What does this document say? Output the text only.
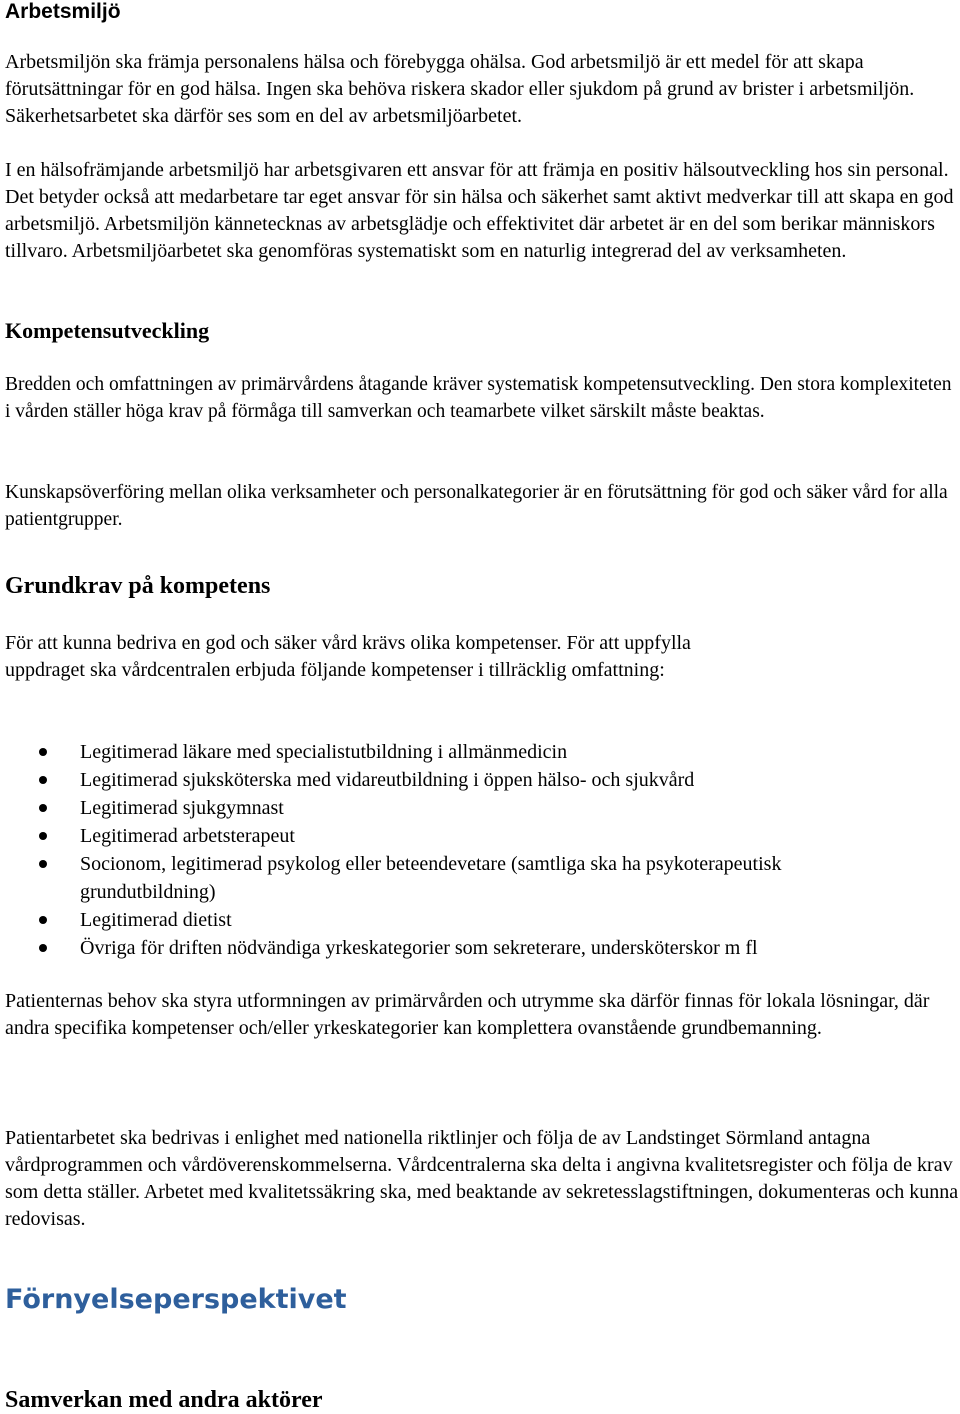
Arbetsmiljö

Arbetsmiljön ska främja personalens hälsa och förebygga ohälsa. God arbetsmiljö är ett medel för att skapa förutsättningar för en god hälsa. Ingen ska behöva riskera skador eller sjukdom på grund av brister i arbetsmiljön. Säkerhetsarbetet ska därför ses som en del av arbetsmiljöarbetet.

I en hälsofrämjande arbetsmiljö har arbetsgivaren ett ansvar för att främja en positiv hälsoutveckling hos sin personal. Det betyder också att medarbetare tar eget ansvar för sin hälsa och säkerhet samt aktivt medverkar till att skapa en god arbetsmiljö. Arbetsmiljön kännetecknas av arbetsglädje och effektivitet där arbetet är en del som berikar människors tillvaro. Arbetsmiljöarbetet ska genomföras systematiskt som en naturlig integrerad del av verksamheten.

Kompetensutveckling

Bredden och omfattningen av primärvårdens åtagande kräver systematisk kompetensutveckling. Den stora komplexiteten i vården ställer höga krav på förmåga till samverkan och teamarbete vilket särskilt måste beaktas.

Kunskapsöverföring mellan olika verksamheter och personalkategorier är en förutsättning för god och säker vård for alla patientgrupper.

Grundkrav på kompetens

För att kunna bedriva en god och säker vård krävs olika kompetenser. För att uppfylla uppdraget ska vårdcentralen erbjuda följande kompetenser i tillräcklig omfattning:

Legitimerad läkare med specialistutbildning i allmänmedicin
Legitimerad sjuksköterska med vidareutbildning i öppen hälso- och sjukvård
Legitimerad sjukgymnast
Legitimerad arbetsterapeut
Socionom, legitimerad psykolog eller beteendevetare (samtliga ska ha psykoterapeutisk grundutbildning)
Legitimerad dietist
Övriga för driften nödvändiga yrkeskategorier som sekreterare, undersköterskor m fl

Patienternas behov ska styra utformningen av primärvården och utrymme ska därför finnas för lokala lösningar, där andra specifika kompetenser och/eller yrkeskategorier kan komplettera ovanstående grundbemanning.

Patientarbetet ska bedrivas i enlighet med nationella riktlinjer och följa de av Landstinget Sörmland antagna vårdprogrammen och vårdöverenskommelserna. Vårdcentralerna ska delta i angivna kvalitetsregister och följa de krav som detta ställer. Arbetet med kvalitetssäkring ska, med beaktande av sekretesslagstiftningen, dokumenteras och kunna redovisas.

Förnyelseperspektivet
Samverkan med andra aktörer
